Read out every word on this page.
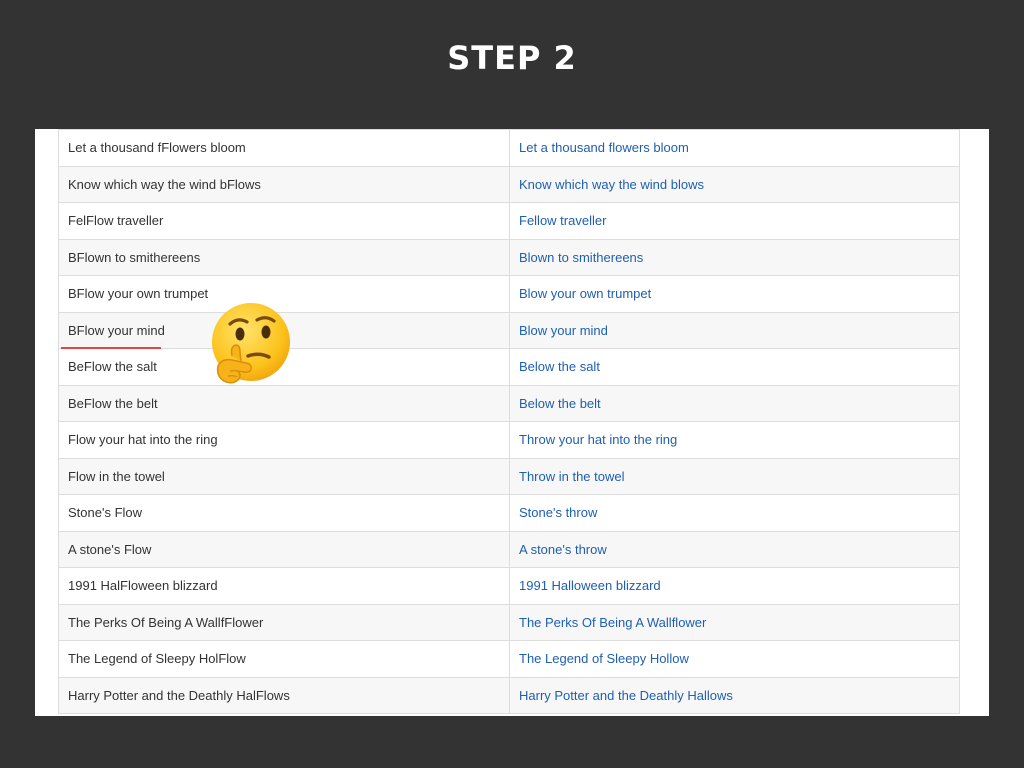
STEP 2
Let a thousand fFlowers bloom	Let a thousand flowers bloom
Know which way the wind bFlows	Know which way the wind blows
FelFlow traveller	Fellow traveller
BFlown to smithereens	Blown to smithereens
BFlow your own trumpet	Blow your own trumpet
BFlow your mind	Blow your mind
BeFlow the salt	Below the salt
BeFlow the belt	Below the belt
Flow your hat into the ring	Throw your hat into the ring
Flow in the towel	Throw in the towel
Stone's Flow	Stone's throw
A stone's Flow	A stone's throw
1991 HalFloween blizzard	1991 Halloween blizzard
The Perks Of Being A WallfFlower	The Perks Of Being A Wallflower
The Legend of Sleepy HolFlow	The Legend of Sleepy Hollow
Harry Potter and the Deathly HalFlows	Harry Potter and the Deathly Hallows
